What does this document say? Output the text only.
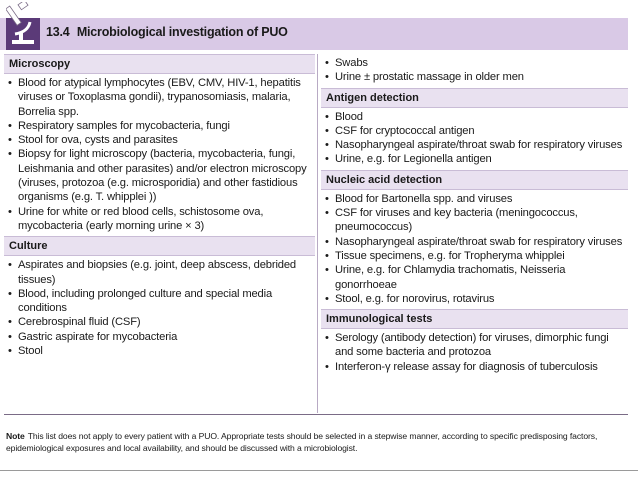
13.4 Microbiological investigation of PUO
Microscopy
• Blood for atypical lymphocytes (EBV, CMV, HIV-1, hepatitis viruses or Toxoplasma gondii), trypanosomiasis, malaria, Borrelia spp.
• Respiratory samples for mycobacteria, fungi
• Stool for ova, cysts and parasites
• Biopsy for light microscopy (bacteria, mycobacteria, fungi, Leishmania and other parasites) and/or electron microscopy (viruses, protozoa (e.g. microsporidia) and other fastidious organisms (e.g. T. whipplei ))
• Urine for white or red blood cells, schistosome ova, mycobacteria (early morning urine × 3)
Culture
• Aspirates and biopsies (e.g. joint, deep abscess, debrided tissues)
• Blood, including prolonged culture and special media conditions
• Cerebrospinal fluid (CSF)
• Gastric aspirate for mycobacteria
• Stool
• Swabs
• Urine ± prostatic massage in older men
Antigen detection
• Blood
• CSF for cryptococcal antigen
• Nasopharyngeal aspirate/throat swab for respiratory viruses
• Urine, e.g. for Legionella antigen
Nucleic acid detection
• Blood for Bartonella spp. and viruses
• CSF for viruses and key bacteria (meningococcus, pneumococcus)
• Nasopharyngeal aspirate/throat swab for respiratory viruses
• Tissue specimens, e.g. for Tropheryma whipplei
• Urine, e.g. for Chlamydia trachomatis, Neisseria gonorrhoeae
• Stool, e.g. for norovirus, rotavirus
Immunological tests
• Serology (antibody detection) for viruses, dimorphic fungi and some bacteria and protozoa
• Interferon-γ release assay for diagnosis of tuberculosis
Note This list does not apply to every patient with a PUO. Appropriate tests should be selected in a stepwise manner, according to specific predisposing factors, epidemiological exposures and local availability, and should be discussed with a microbiologist.
